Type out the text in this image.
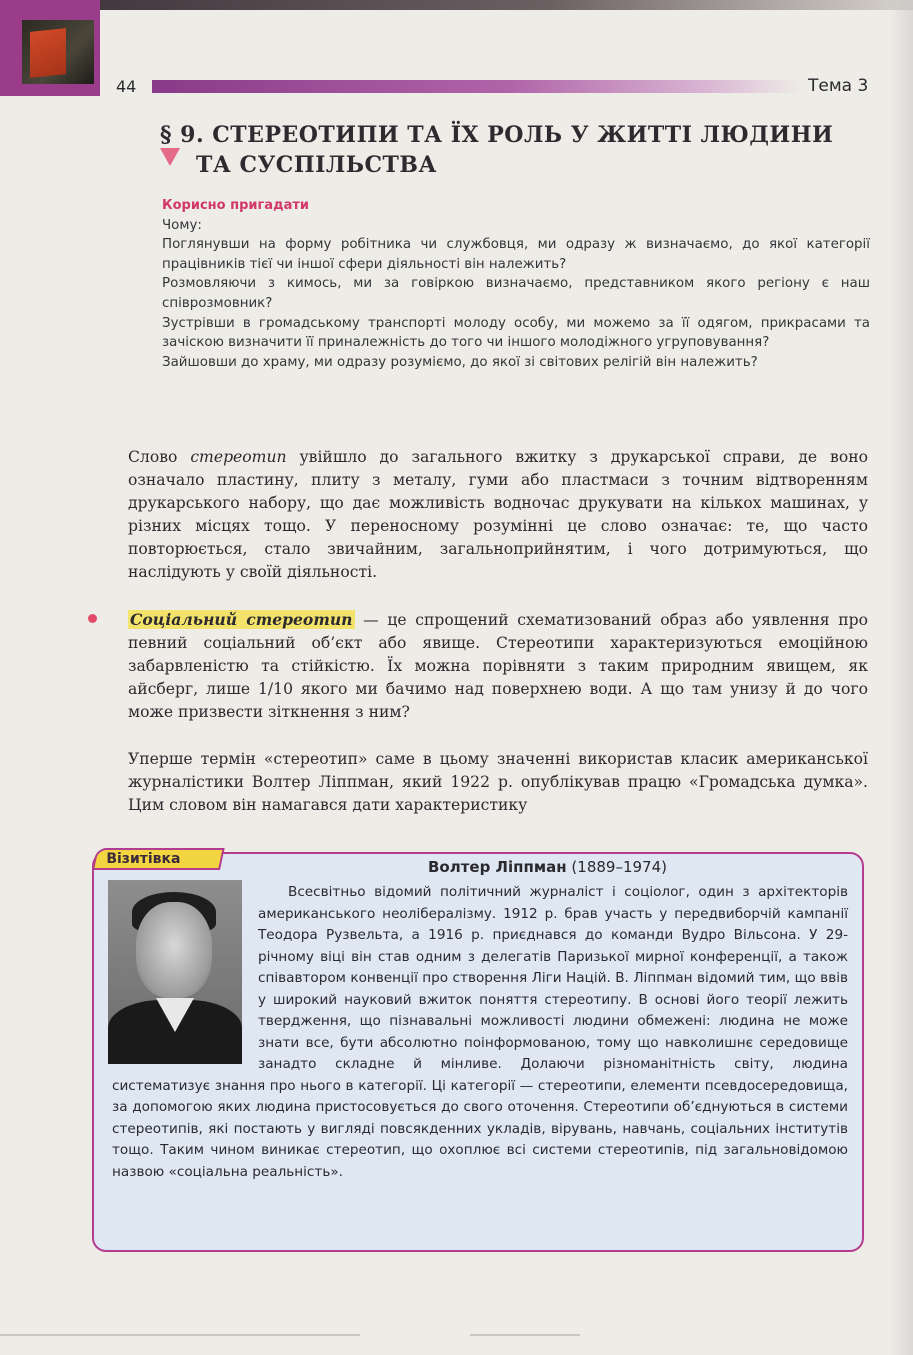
44	Тема 3
§ 9. СТЕРЕОТИПИ ТА ЇХ РОЛЬ У ЖИТТІ ЛЮДИНИ
ТА СУСПІЛЬСТВА
Корисно пригадати

Чому:

Поглянувши на форму робітника чи службовця, ми одразу ж визначаємо, до якої категорії працівників тієї чи іншої сфери діяльності він належить?

Розмовляючи з кимось, ми за говіркою визначаємо, представником якого регіону є наш співрозмовник?

Зустрівши в громадському транспорті молоду особу, ми можемо за її одягом, прикрасами та зачіскою визначити її приналежність до того чи іншого молодіжного угруповування?

Зайшовши до храму, ми одразу розуміємо, до якої зі світових релігій він належить?

Слово стереотип увійшло до загального вжитку з друкарської справи, де воно означало пластину, плиту з металу, гуми або пластмаси з точним відтворенням друкарського набору, що дає можливість водночас друкувати на кількох машинах, у різних місцях тощо. У переносному розумінні це слово означає: те, що часто повторюється, стало звичайним, загальноприйнятим, і чого дотримуються, що наслідують у своїй діяльності.

Соціальний стереотип — це спрощений схематизований образ або уявлення про певний соціальний об’єкт або явище. Стереотипи характеризуються емоційною забарвленістю та стійкістю. Їх можна порівняти з таким природним явищем, як айсберг, лише 1/10 якого ми бачимо над поверхнею води. А що там унизу й до чого може призвести зіткнення з ним?

Уперше термін «стереотип» саме в цьому значенні використав класик американської журналістики Волтер Ліппман, який 1922 р. опублікував працю «Громадська думка». Цим словом він намагався дати характеристику

Візитівка	Волтер Ліппман (1889–1974)

Всесвітньо відомий політичний журналіст і соціолог, один з архітекторів американського неолібералізму. 1912 р. брав участь у передвиборчій кампанії Теодора Рузвельта, а 1916 р. приєднався до команди Вудро Вільсона. У 29-річному віці він став одним з делегатів Паризької мирної конференції, а також співавтором конвенції про створення Ліги Націй. В. Ліппман відомий тим, що ввів у широкий науковий вжиток поняття стереотипу. В основі його теорії лежить твердження, що пізнавальні можливості людини обмежені: людина не може знати все, бути абсолютно поінформованою, тому що навколишнє середовище занадто складне й мінливе. Долаючи різноманітність світу, людина систематизує знання про нього в категорії. Ці категорії — стереотипи, елементи псевдосередовища, за допомогою яких людина пристосовується до свого оточення. Стереотипи об’єднуються в системи стереотипів, які постають у вигляді повсякденних укладів, вірувань, навчань, соціальних інститутів тощо. Таким чином виникає стереотип, що охоплює всі системи стереотипів, під загальновідомою назвою «соціальна реальність».
